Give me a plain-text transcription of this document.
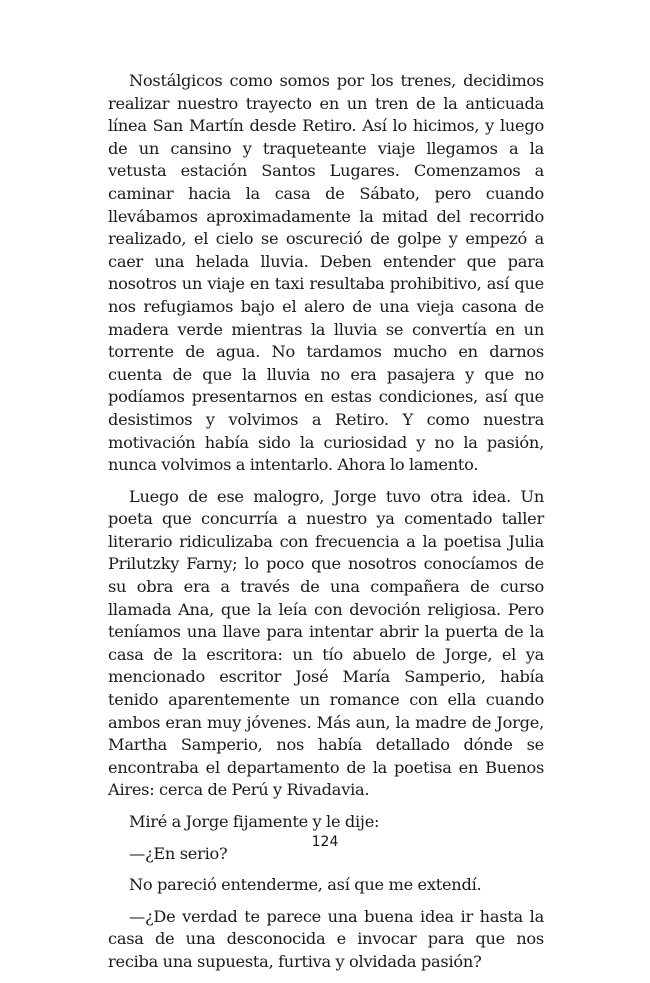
Nostálgicos como somos por los trenes, decidimos realizar nuestro trayecto en un tren de la anticuada línea San Martín desde Retiro. Así lo hicimos, y luego de un cansino y traqueteante viaje llegamos a la vetusta estación Santos Lugares. Comenzamos a caminar hacia la casa de Sábato, pero cuando llevábamos aproximadamente la mitad del recorrido realizado, el cielo se oscureció de golpe y empezó a caer una helada lluvia. Deben entender que para nosotros un viaje en taxi resultaba prohibitivo, así que nos refugiamos bajo el alero de una vieja casona de madera verde mientras la lluvia se convertía en un torrente de agua. No tardamos mucho en darnos cuenta de que la lluvia no era pasajera y que no podíamos presentarnos en estas condiciones, así que desistimos y volvimos a Retiro. Y como nuestra motivación había sido la curiosidad y no la pasión, nunca volvimos a intentarlo. Ahora lo lamento.

Luego de ese malogro, Jorge tuvo otra idea. Un poeta que concurría a nuestro ya comentado taller literario ridiculizaba con frecuencia a la poetisa Julia Prilutzky Farny; lo poco que nosotros conocíamos de su obra era a través de una compañera de curso llamada Ana, que la leía con devoción religiosa. Pero teníamos una llave para intentar abrir la puerta de la casa de la escritora: un tío abuelo de Jorge, el ya mencionado escritor José María Samperio, había tenido aparentemente un romance con ella cuando ambos eran muy jóvenes. Más aun, la madre de Jorge, Martha Samperio, nos había detallado dónde se encontraba el departamento de la poetisa en Buenos Aires: cerca de Perú y Rivadavia.

Miré a Jorge fijamente y le dije:

—¿En serio?

No pareció entenderme, así que me extendí.

—¿De verdad te parece una buena idea ir hasta la casa de una desconocida e invocar para que nos reciba una supuesta, furtiva y olvidada pasión?

124
